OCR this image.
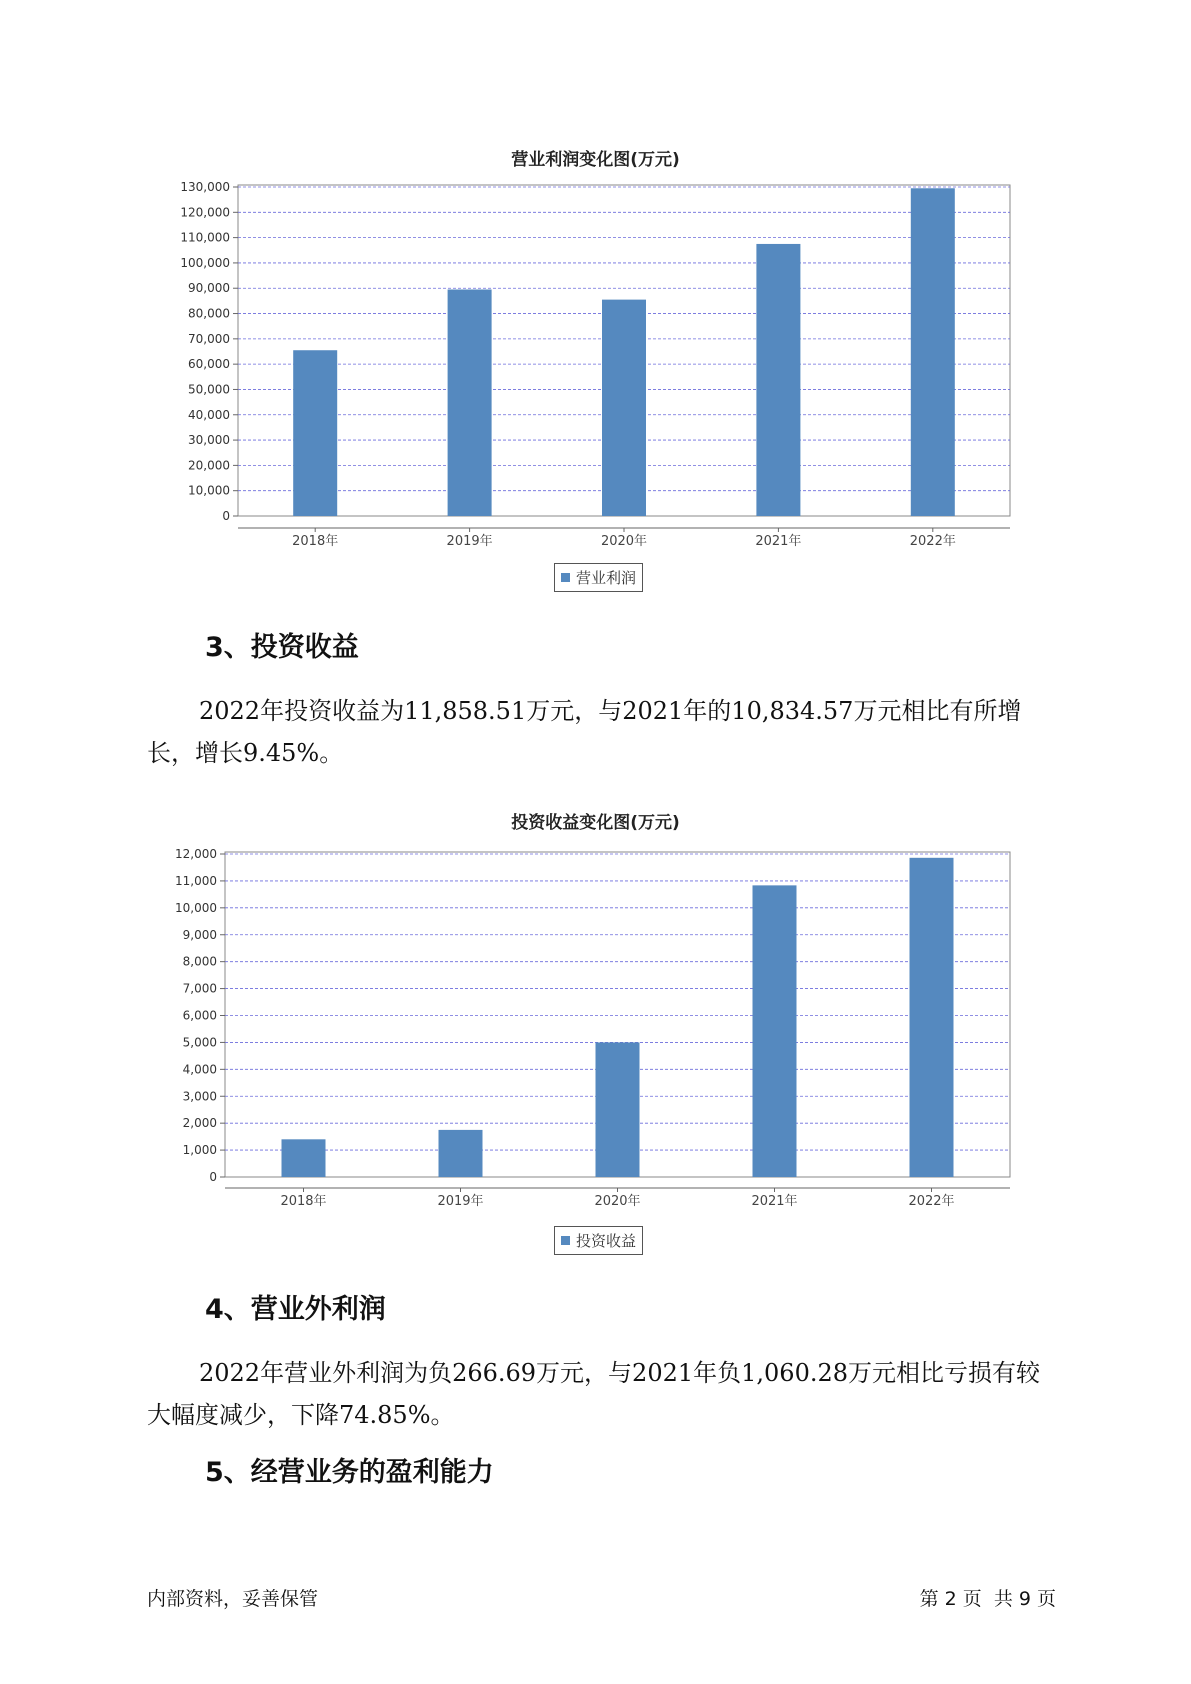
营业利润变化图(万元)
0
10,000
20,000
30,000
40,000
50,000
60,000
70,000
80,000
90,000
100,000
110,000
120,000
130,000
2018年	2019年	2020年	2021年	2022年
营业利润
3、投资收益
2022年投资收益为11,858.51万元，与2021年的10,834.57万元相比有所增长，增长9.45%。
投资收益变化图(万元)
0
1,000
2,000
3,000
4,000
5,000
6,000
7,000
8,000
9,000
10,000
11,000
12,000
2018年	2019年	2020年	2021年	2022年
投资收益
4、营业外利润
2022年营业外利润为负266.69万元，与2021年负1,060.28万元相比亏损有较大幅度减少，下降74.85%。
5、经营业务的盈利能力
内部资料，妥善保管	第 2 页  共 9 页
